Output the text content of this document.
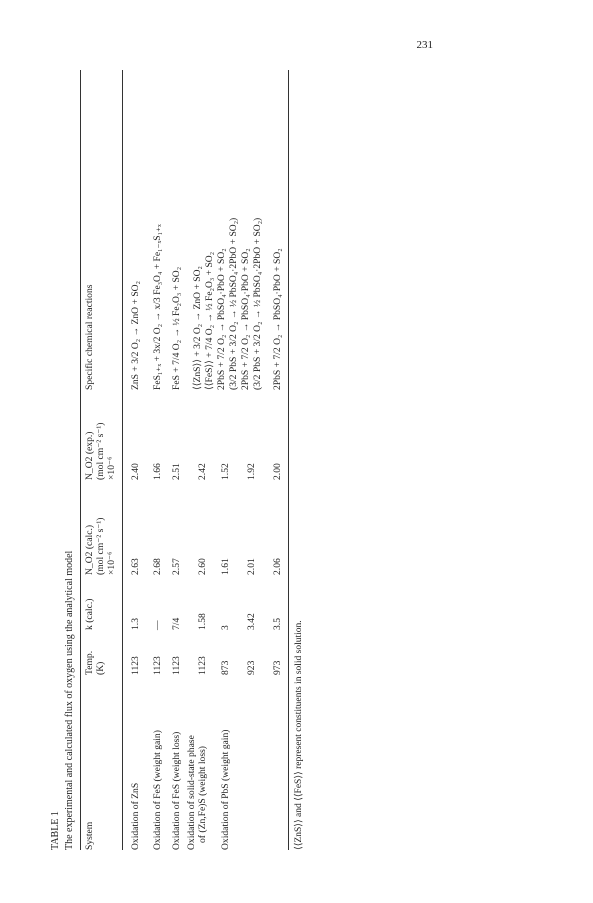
231
TABLE 1 The experimental and calculated flux of oxygen using the analytical model System
Temp. (K)
k (calc.)
N_O2 (calc.) (mol cm⁻² s⁻¹) ×10⁻⁶
N_O2 (exp.) (mol cm⁻² s⁻¹) ×10⁻⁶
Specific chemical reactions
Oxidation of ZnS
1123
1.3
2.63
2.40
ZnS + 3/2 O₂ → ZnO + SO₂
Oxidation of FeS (weight gain)
1123
—
2.68
1.66
FeS₁₊ₓ + 3x/2 O₂ → x/3 Fe₃O₄ + Fe₁₋ₓS₁₊ₓ
Oxidation of FeS (weight loss)
1123
7/4
2.57
2.51
FeS + 7/4 O₂ → ½ Fe₂O₃ + SO₂
Oxidation of solid-state phase of (Zn,Fe)S (weight loss)
1123
1.58
2.60
2.42
⟨⟨ZnS⟩⟩ + 3/2 O₂ → ZnO + SO₂ ⟨⟨FeS⟩⟩ + 7/4 O₂ → ½ Fe₂O₃ + SO₂
Oxidation of PbS (weight gain)
873
3
1.61
1.52
2PbS + 7/2 O₂ → PbSO₄·PbO + SO₂ (3/2 PbS + 3/2 O₂ → ½ PbSO₄·2PbO + SO₂)
923
3.42
2.01
1.92
2PbS + 7/2 O₂ → PbSO₄·PbO + SO₂ (3/2 PbS + 3/2 O₂ → ½ PbSO₄·2PbO + SO₂)
973
3.5
2.06
2.00
2PbS + 7/2 O₂ → PbSO₄·PbO + SO₂
⟨⟨ZnS⟩⟩ and ⟨⟨FeS⟩⟩ represent constituents in solid solution.
